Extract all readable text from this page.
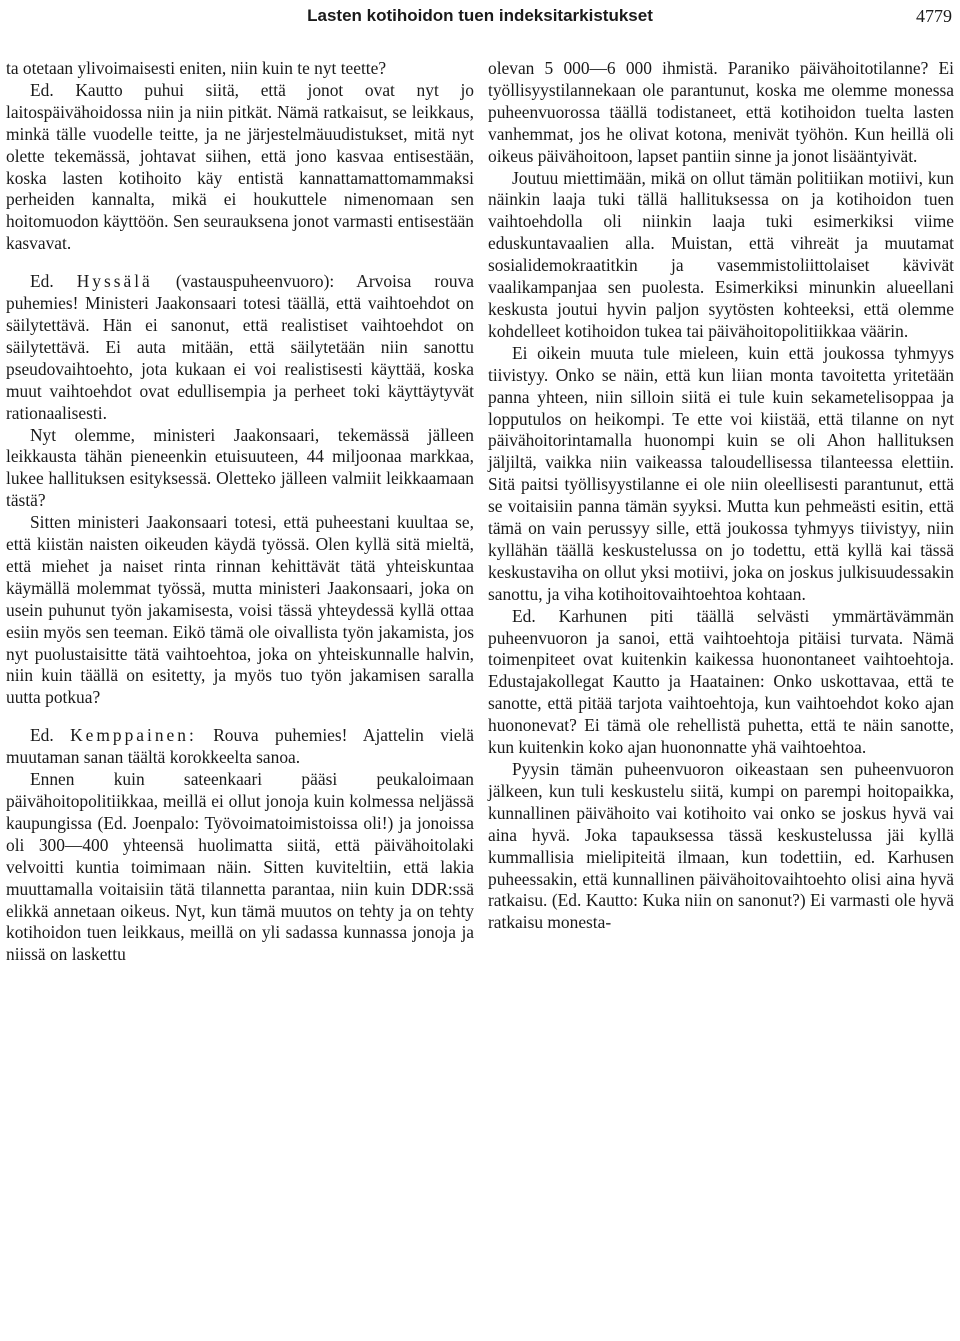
Lasten kotihoidon tuen indeksitarkistukset	4779

ta otetaan ylivoimaisesti eniten, niin kuin te nyt teette?

Ed. Kautto puhui siitä, että jonot ovat nyt jo laitospäivähoidossa niin ja niin pitkät. Nämä ratkaisut, se leikkaus, minkä tälle vuodelle teitte, ja ne järjestelmäuudistukset, mitä nyt olette tekemässä, johtavat siihen, että jono kasvaa entisestään, koska lasten kotihoito käy entistä kannattamattomammaksi perheiden kannalta, mikä ei houkuttele nimenomaan sen hoitomuodon käyttöön. Sen seurauksena jonot varmasti entisestään kasvavat.

Ed. Hyssälä (vastauspuheenvuoro): Arvoisa rouva puhemies! Ministeri Jaakonsaari totesi täällä, että vaihtoehdot on säilytettävä. Hän ei sanonut, että realistiset vaihtoehdot on säilytettävä. Ei auta mitään, että säilytetään niin sanottu pseudovaihtoehto, jota kukaan ei voi realistisesti käyttää, koska muut vaihtoehdot ovat edullisempia ja perheet toki käyttäytyvät rationaalisesti.

Nyt olemme, ministeri Jaakonsaari, tekemässä jälleen leikkausta tähän pieneenkin etuisuuteen, 44 miljoonaa markkaa, lukee hallituksen esityksessä. Oletteko jälleen valmiit leikkaamaan tästä?

Sitten ministeri Jaakonsaari totesi, että puheestani kuultaa se, että kiistän naisten oikeuden käydä työssä. Olen kyllä sitä mieltä, että miehet ja naiset rinta rinnan kehittävät tätä yhteiskuntaa käymällä molemmat työssä, mutta ministeri Jaakonsaari, joka on usein puhunut työn jakamisesta, voisi tässä yhteydessä kyllä ottaa esiin myös sen teeman. Eikö tämä ole oivallista työn jakamista, jos nyt puolustaisitte tätä vaihtoehtoa, joka on yhteiskunnalle halvin, niin kuin täällä on esitetty, ja myös tuo työn jakamisen saralla uutta potkua?

Ed. Kemppainen: Rouva puhemies! Ajattelin vielä muutaman sanan täältä korokkeelta sanoa.

Ennen kuin sateenkaari pääsi peukaloimaan päivähoitopolitiikkaa, meillä ei ollut jonoja kuin kolmessa neljässä kaupungissa (Ed. Joenpalo: Työvoimatoimistoissa oli!) ja jonoissa oli 300—400 yhteensä huolimatta siitä, että päivähoitolaki velvoitti kuntia toimimaan näin. Sitten kuviteltiin, että lakia muuttamalla voitaisiin tätä tilannetta parantaa, niin kuin DDR:ssä elikkä annetaan oikeus. Nyt, kun tämä muutos on tehty ja on tehty kotihoidon tuen leikkaus, meillä on yli sadassa kunnassa jonoja ja niissä on laskettu

olevan 5 000—6 000 ihmistä. Paraniko päivähoitotilanne? Ei työllisyystilannekaan ole parantunut, koska me olemme monessa puheenvuorossa täällä todistaneet, että kotihoidon tuelta lasten vanhemmat, jos he olivat kotona, menivät työhön. Kun heillä oli oikeus päivähoitoon, lapset pantiin sinne ja jonot lisääntyivät.

Joutuu miettimään, mikä on ollut tämän politiikan motiivi, kun näinkin laaja tuki tällä hallituksessa on ja kotihoidon tuen vaihtoehdolla oli niinkin laaja tuki esimerkiksi viime eduskuntavaalien alla. Muistan, että vihreät ja muutamat sosialidemokraatitkin ja vasemmistoliittolaiset kävivät vaalikampanjaa sen puolesta. Esimerkiksi minunkin alueellani keskusta joutui hyvin paljon syytösten kohteeksi, että olemme kohdelleet kotihoidon tukea tai päivähoitopolitiikkaa väärin.

Ei oikein muuta tule mieleen, kuin että joukossa tyhmyys tiivistyy. Onko se näin, että kun liian monta tavoitetta yritetään panna yhteen, niin silloin siitä ei tule kuin sekametelisoppaa ja lopputulos on heikompi. Te ette voi kiistää, että tilanne on nyt päivähoitorintamalla huonompi kuin se oli Ahon hallituksen jäljiltä, vaikka niin vaikeassa taloudellisessa tilanteessa elettiin. Sitä paitsi työllisyystilanne ei ole niin oleellisesti parantunut, että se voitaisiin panna tämän syyksi. Mutta kun pehmeästi esitin, että tämä on vain perussyy sille, että joukossa tyhmyys tiivistyy, niin kyllähän täällä keskustelussa on jo todettu, että kyllä kai tässä keskustaviha on ollut yksi motiivi, joka on joskus julkisuudessakin sanottu, ja viha kotihoitovaihtoehtoa kohtaan.

Ed. Karhunen piti täällä selvästi ymmärtävämmän puheenvuoron ja sanoi, että vaihtoehtoja pitäisi turvata. Nämä toimenpiteet ovat kuitenkin kaikessa huonontaneet vaihtoehtoja. Edustajakollegat Kautto ja Haatainen: Onko uskottavaa, että te sanotte, että pitää tarjota vaihtoehtoja, kun vaihtoehdot koko ajan huononevat? Ei tämä ole rehellistä puhetta, että te näin sanotte, kun kuitenkin koko ajan huononnatte yhä vaihtoehtoa.

Pyysin tämän puheenvuoron oikeastaan sen puheenvuoron jälkeen, kun tuli keskustelu siitä, kumpi on parempi hoitopaikka, kunnallinen päivähoito vai kotihoito vai onko se joskus hyvä vai aina hyvä. Joka tapauksessa tässä keskustelussa jäi kyllä kummallisia mielipiteitä ilmaan, kun todettiin, ed. Karhusen puheessakin, että kunnallinen päivähoitovaihtoehto olisi aina hyvä ratkaisu. (Ed. Kautto: Kuka niin on sanonut?) Ei varmasti ole hyvä ratkaisu monesta-
